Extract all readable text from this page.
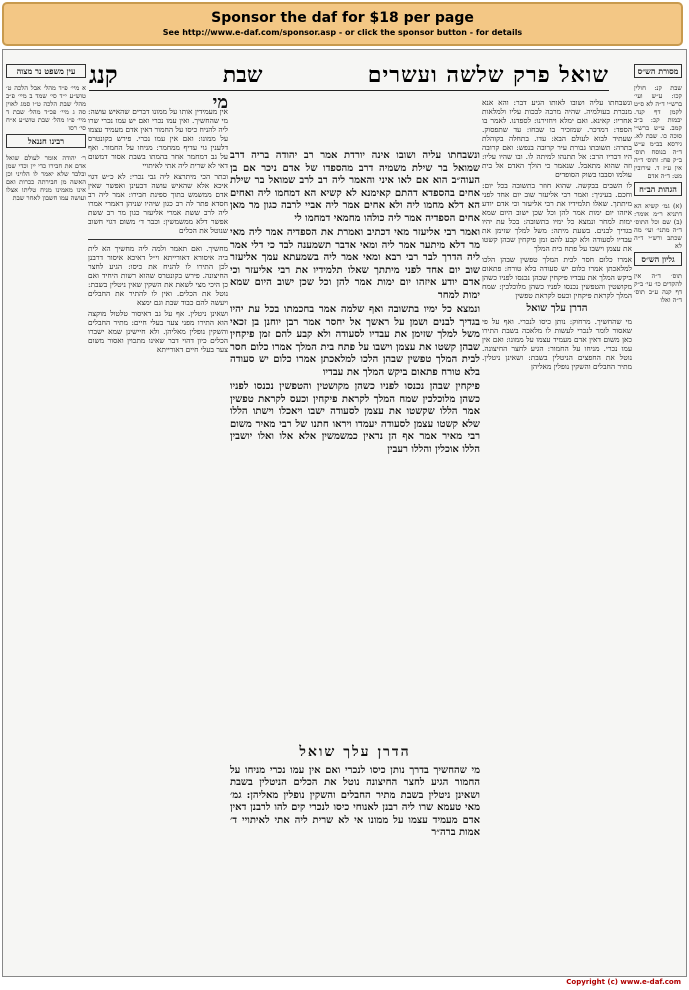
Sponsor the daf for $18 per page
See http://www.e-daf.com/sponsor.asp - or click the sponsor button - for details
שואל פרק שלשה ועשרים
שבת
קנג	מסורת הש״ס

שבת קנ: חולין קכו: ע״ש ועי׳ ברש״י ד״ה לא ס״ט לקמן דף קנד. יבמות קכ: ב״ב קמב. ע״ש ברש״י סוכה כו. שבת לא. גירסא בב״מ ע״ש ד״ה בנוסח תוס׳ ב״ק פח: ותוס׳ ד״ה אין ע״ז ד. עירובין מט: ד״ה אדם

הגהות הב״ח

(א) גמ׳ קשיא הא דתניא ר״מ אומר: (ב) שם וכל התוס׳ ד״ה מתני׳ ועי׳ מה שכתב ורש״י ד״ה לא

גליון הש״ס

תוס׳ ד״ה אין להקדים כו׳ עי׳ ב״ק דף קנה ע״ב תוס׳ ד״ה ואלו

ונשבחתו עליה ושובו לאותו הגיע דבר: והא אנא מנכרת בעולמיה. שהיה מרבה לבכות עליו ולמלאות אחריו: קאינא. ואם ימלא ויחזירנו: לספדנו. לאמר בו הספד: דמדכר. שמזכיר בו שבחו: עד שתפסוק. שעתיד לבוא לעולם הבא: עדו. בתחלה בקוהלת בתרה: תשובתו גבורת עיר קרובה בנפש: ואם קרובה היו דבריו הרב: אל תתנהו למיתה לו. ובו שהיו עליו: וזה שהוא מתאבל. שנאמר כי הולך האדם אל בית עולמו וסבבו בשוק הסופדים

לו השבים בבקשה. שהוא חוזר בתשובה בכל יום: וחכם. בעיניך: ואמר רבי אליעזר שוב יום אחד לפני מיתתך. שאלו תלמידיו את רבי אליעזר וכי אדם יודע איזהו יום ימות אמר להן וכל שכן ישוב היום שמא ימות למחר ונמצא כל ימיו בתשובה: בכל עת יהיו בגדיך לבנים. בשעת מיתה: משל למלך שזימן את עבדיו לסעודה ולא קבע להם זמן פיקחין שבהן קשטו את עצמן וישבו על פתח בית המלך

אמרו כלום חסר לבית המלך טפשין שבהן הלכו למלאכתן אמרו כלום יש סעודה בלא טורח: פתאום ביקש המלך את עבדיו פיקחין שבהן נכנסו לפניו כשהן מקושטין והטפשין נכנסו לפניו כשהן מלוכלכין: שמח המלך לקראת פיקחין וכעס לקראת טפשין

הדרן עלך שואל

מי שהחשיך. מרחוק: נותן כיסו לנכרי. ואף על פי שאסור לומר לנכרי לעשות לו מלאכה בשבת התירו כאן משום דאין אדם מעמיד עצמו על ממונו: ואם אין עמו נכרי. מניחו על החמור: הגיע לחצר החיצונה. נוטל את החפצים הניטלין בשבת: ושאינן ניטלין. מתיר החבלים והשקין נופלין מאליהן

ונשבחתו עליה ושובו אינה יורדת אמר רב יהודה בריה דרב שמואל בר שילת משמיה דרב מהספדו של אדם ניכר אם בן העוה״ב הוא אם לאו איני והאמר ליה רב לרב שמואל בר שילת אחים בהספדא דהתם קאימנא לא קשיא הא דמחמו ליה ואחים הא דלא מחמו ליה ולא אחים אמר ליה אביי לרבה כגון מר מאן אחים הספדיה אמר ליה כולהו מחמאי דמחמו לי

ואמר רבי אליעזר מאי דכתיב ואמרת את הספדיה אמר ליה מאי מר דלא מיתער אמר ליה ומאי אדבר תשמענה לבד כי דלי אמר ליה הדרך לבר רבי רבא ומאי אמר ליה בשמעתא עמך אליעזר שוב יום אחד לפני מיתתך שאלו תלמידיו את רבי אליעזר וכי אדם יודע איזהו יום ימות אמר להן וכל שכן ישוב היום שמא ימות למחר

ונמצא כל ימיו בתשובה ואף שלמה אמר בחכמתו בכל עת יהיו בגדיך לבנים ושמן על ראשך אל יחסר אמר רבן יוחנן בן זכאי משל למלך שזימן את עבדיו לסעודה ולא קבע להם זמן פיקחין שבהן קשטו את עצמן וישבו על פתח בית המלך אמרו כלום חסר לבית המלך טפשין שבהן הלכו למלאכתן אמרו כלום יש סעודה בלא טורח פתאום ביקש המלך את עבדיו

פיקחין שבהן נכנסו לפניו כשהן מקושטין והטפשין נכנסו לפניו כשהן מלוכלכין שמח המלך לקראת פיקחין וכעס לקראת טפשין אמר הללו שקשטו את עצמן לסעודה ישבו ויאכלו וישתו הללו שלא קשטו עצמן לסעודה יעמדו ויראו חתנו של רבי מאיר משום רבי מאיר אמר אף הן נראין כמשמשין אלא אלו ואלו יושבין הללו אוכלין והללו רעבין

הדרן עלך שואל

מי שהחשיך בדרך נותן כיסו לנכרי ואם אין עמו נכרי מניחו על החמור הגיע לחצר החיצונה נוטל את הכלים הניטלין בשבת ושאינן ניטלין בשבת מתיר החבלים והשקין נופלין מאליהן: גמ׳ מאי טעמא שרו ליה רבנן לאנוחי כיסו לנכרי קים להו לרבנן דאין אדם מעמיד עצמו על ממונו אי לא שרית ליה אתי לאיתויי ד׳ אמות ברה״ר

מי

אין מעמידין אותו על ממונו דברים שהאיש עושה: מי שהחשיך. ואין עמו נכרי ואם יש עמו נכרי שרו ליה להניח כיסו על החמור דאין אדם מעמיד עצמו על ממונו: ואם אין עמו נכרי. פירש בקונטרס דלענין גוי עדיף ממחמר: מניחו על החמור. ואף על גב דמחמר אחר בהמתו בשבת אסור דמשום דאי לא שרית ליה אתי לאיתויי

ובתר הכי מיתרצא ליה גבי נכרי: לא כ״ש דגוי איכא אלא שהאיש עושה דבעינן ואפשר שאין אדם ממשמש בתוך ספינת חבירו: אמר ליה רב חסדא פתר לה רב כגון שיהיו שניהן דאמרי אמרו ליה לרב ששת אמרי אליעזר כגון מר רב ששת אפשר דלא ממשמשין: וכבר ד׳ משום דגוי חשוב שנוטל את הכלים

מחשיך. ואם תאמר ולמה ליה מחשיך הא לית ביה איסורא דאורייתא וי״ל דאיכא איסור דרבנן לכן התירו לו להניח את כיסו: הגיע לחצר החיצונה. פירש בקונטרס שהוא רשות היחיד ואם כן היכי מצי לשאת את השקין שאין ניטלין בשבת: נוטל את הכלים. ואין לו להתיר את החבלים ויעשה להם כבוד שבת וגם ימצא

ושאינן ניטלין. אף על גב דאיסור טלטול מוקצה הוא התירו מפני צער בעלי חיים: מתיר החבלים והשקין נופלין מאליהן. ולא חיישינן שמא ישברו הכלים כיון דהוי דבר שאינו מתכוין ואסור משום צער בעלי חיים דאורייתא

עין משפט נר מצוה

א מיי׳ פ״ד מהל׳ אבל הלכה ט׳ טוש״ע י״ד סי׳ שמד ב מיי׳ פ״ב מהל׳ שבת הלכה ט״ו סמג לאוין סה ג מיי׳ פכ״ד מהל׳ שבת ד מיי׳ פ״ו מהל׳ שבת טוש״ע א״ח סי׳ רסו

רבינו חננאל

ר׳ יהודה אומר לעולם שואל אדם את חבירו כדי יין וכדי שמן ובלבד שלא יאמר לו הלויני וכן האשה מן חבירתה ככרות ואם אינו מאמינו מניח טליתו אצלו ועושה עמו חשבון לאחר שבת

Copyright (c) www.e-daf.com
